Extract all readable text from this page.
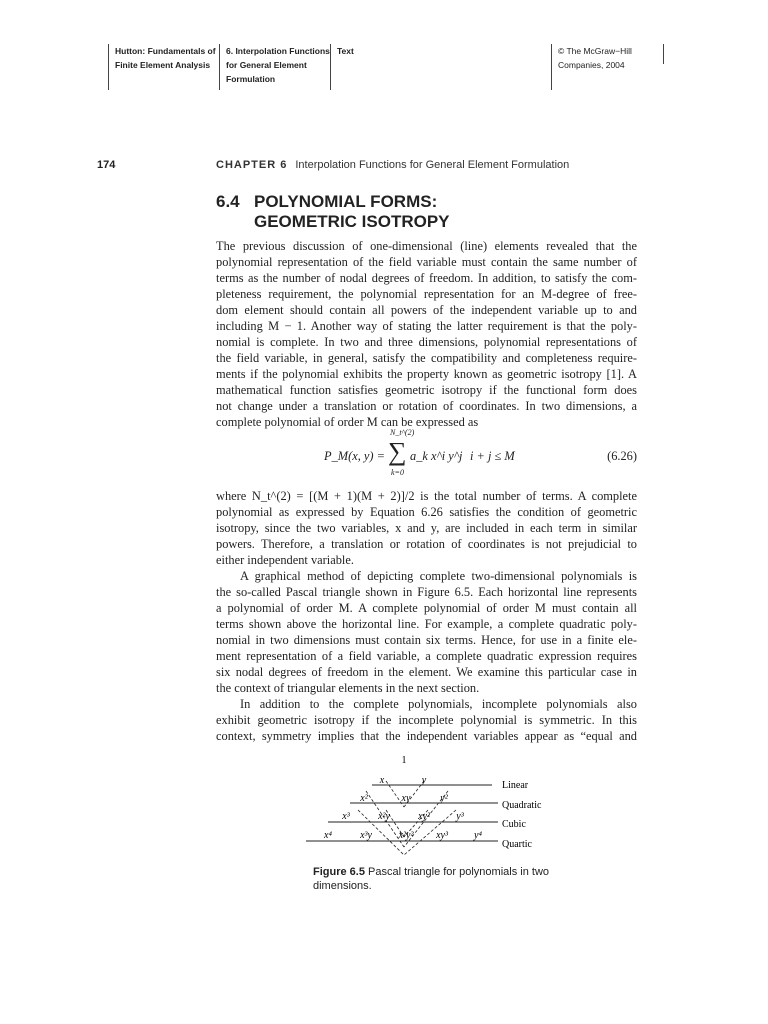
Hutton: Fundamentals of
Finite Element Analysis
6. Interpolation Functions
for General Element
Formulation
Text	© The McGraw−Hill
Companies, 2004
174	CHAPTER 6 Interpolation Functions for General Element Formulation
6.4 POLYNOMIAL FORMS:
GEOMETRIC ISOTROPY
The previous discussion of one-dimensional (line) elements revealed that the
polynomial representation of the field variable must contain the same number of
terms as the number of nodal degrees of freedom. In addition, to satisfy the com-
pleteness requirement, the polynomial representation for an M-degree of free-
dom element should contain all powers of the independent variable up to and
including M − 1. Another way of stating the latter requirement is that the poly-
nomial is complete. In two and three dimensions, polynomial representations of
the field variable, in general, satisfy the compatibility and completeness require-
ments if the polynomial exhibits the property known as geometric isotropy [1]. A
mathematical function satisfies geometric isotropy if the functional form does
not change under a translation or rotation of coordinates. In two dimensions, a
complete polynomial of order M can be expressed as
P_M(x, y) =
N_t^(2)
∑
k=0
a_k x^i y^j i + j ≤ M	(6.26)
where N_t^(2) = [(M + 1)(M + 2)]/2 is the total number of terms. A complete
polynomial as expressed by Equation 6.26 satisfies the condition of geometric
isotropy, since the two variables, x and y, are included in each term in similar
powers. Therefore, a translation or rotation of coordinates is not prejudicial to
either independent variable.
A graphical method of depicting complete two-dimensional polynomials is
the so-called Pascal triangle shown in Figure 6.5. Each horizontal line represents
a polynomial of order M. A complete polynomial of order M must contain all
terms shown above the horizontal line. For example, a complete quadratic poly-
nomial in two dimensions must contain six terms. Hence, for use in a finite ele-
ment representation of a field variable, a complete quadratic expression requires
six nodal degrees of freedom in the element. We examine this particular case in
the context of triangular elements in the next section.
In addition to the complete polynomials, incomplete polynomials also
exhibit geometric isotropy if the incomplete polynomial is symmetric. In this
context, symmetry implies that the independent variables appear as “equal and
1
x	y
x²	xy	y²
x³	x²y	xy²	y³
x⁴	x³y	x²y² xy³	y⁴
Linear
Quadratic
Cubic
Quartic
Figure 6.5 Pascal triangle for polynomials in two dimensions.
